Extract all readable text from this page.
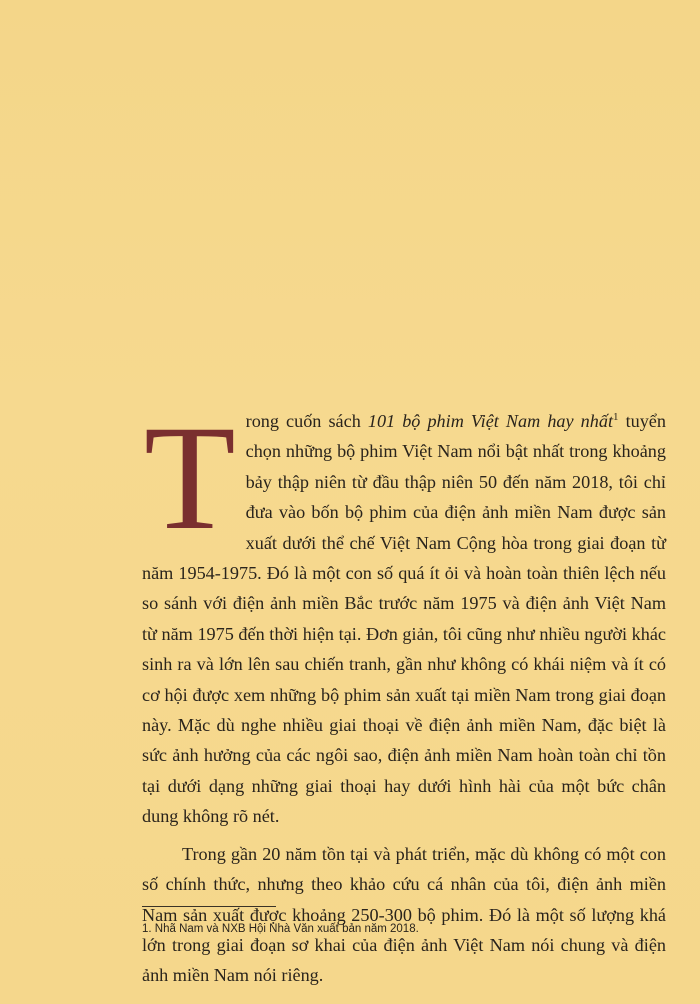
Trong cuốn sách 101 bộ phim Việt Nam hay nhất$^1$ tuyển chọn những bộ phim Việt Nam nổi bật nhất trong khoảng bảy thập niên từ đầu thập niên 50 đến năm 2018, tôi chỉ đưa vào bốn bộ phim của điện ảnh miền Nam được sản xuất dưới thể chế Việt Nam Cộng hòa trong giai đoạn từ năm 1954-1975. Đó là một con số quá ít ỏi và hoàn toàn thiên lệch nếu so sánh với điện ảnh miền Bắc trước năm 1975 và điện ảnh Việt Nam từ năm 1975 đến thời hiện tại. Đơn giản, tôi cũng như nhiều người khác sinh ra và lớn lên sau chiến tranh, gần như không có khái niệm và ít có cơ hội được xem những bộ phim sản xuất tại miền Nam trong giai đoạn này. Mặc dù nghe nhiều giai thoại về điện ảnh miền Nam, đặc biệt là sức ảnh hưởng của các ngôi sao, điện ảnh miền Nam hoàn toàn chỉ tồn tại dưới dạng những giai thoại hay dưới hình hài của một bức chân dung không rõ nét.

Trong gần 20 năm tồn tại và phát triển, mặc dù không có một con số chính thức, nhưng theo khảo cứu cá nhân của tôi, điện ảnh miền Nam sản xuất được khoảng 250-300 bộ phim. Đó là một số lượng khá lớn trong giai đoạn sơ khai của điện ảnh Việt Nam nói chung và điện ảnh miền Nam nói riêng.

1. Nhã Nam và NXB Hội Nhà Văn xuất bản năm 2018.
